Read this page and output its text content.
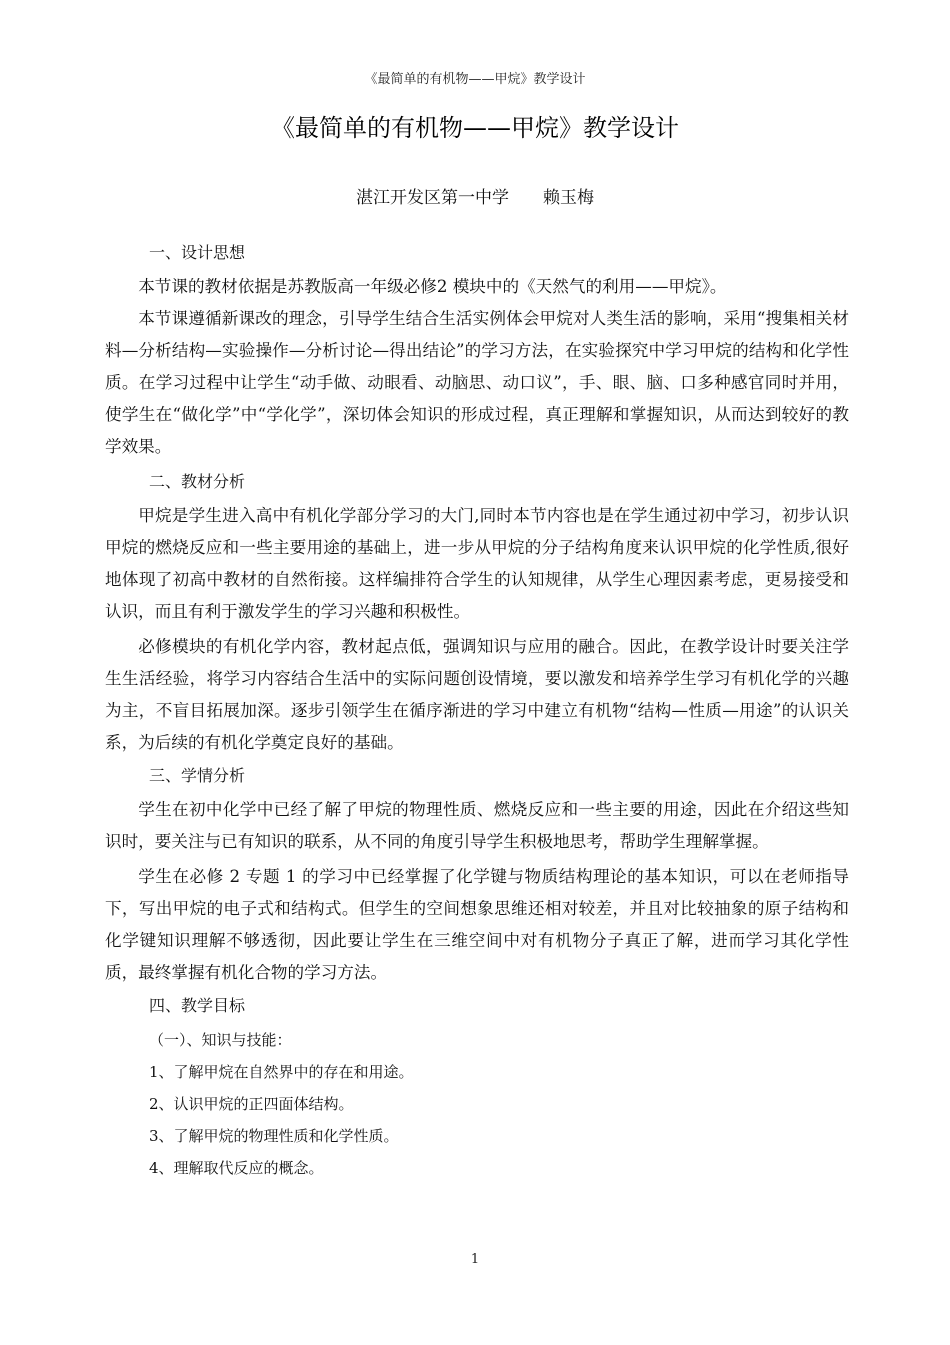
《最简单的有机物——甲烷》教学设计
《最简单的有机物——甲烷》教学设计
湛江开发区第一中学　　赖玉梅
一、设计思想

本节课的教材依据是苏教版高一年级必修2 模块中的《天然气的利用——甲烷》。

本节课遵循新课改的理念，引导学生结合生活实例体会甲烷对人类生活的影响，采用“搜集相关材料—分析结构—实验操作—分析讨论—得出结论”的学习方法，在实验探究中学习甲烷的结构和化学性质。在学习过程中让学生“动手做、动眼看、动脑思、动口议”，手、眼、脑、口多种感官同时并用，使学生在“做化学”中“学化学”，深切体会知识的形成过程，真正理解和掌握知识，从而达到较好的教学效果。

二、教材分析

甲烷是学生进入高中有机化学部分学习的大门,同时本节内容也是在学生通过初中学习，初步认识甲烷的燃烧反应和一些主要用途的基础上，进一步从甲烷的分子结构角度来认识甲烷的化学性质,很好地体现了初高中教材的自然衔接。这样编排符合学生的认知规律，从学生心理因素考虑，更易接受和认识，而且有利于激发学生的学习兴趣和积极性。

必修模块的有机化学内容，教材起点低，强调知识与应用的融合。因此，在教学设计时要关注学生生活经验，将学习内容结合生活中的实际问题创设情境，要以激发和培养学生学习有机化学的兴趣为主，不盲目拓展加深。逐步引领学生在循序渐进的学习中建立有机物“结构—性质—用途”的认识关系，为后续的有机化学奠定良好的基础。

三、学情分析

学生在初中化学中已经了解了甲烷的物理性质、燃烧反应和一些主要的用途，因此在介绍这些知识时，要关注与已有知识的联系，从不同的角度引导学生积极地思考，帮助学生理解掌握。

学生在必修 2 专题 1 的学习中已经掌握了化学键与物质结构理论的基本知识，可以在老师指导下，写出甲烷的电子式和结构式。但学生的空间想象思维还相对较差，并且对比较抽象的原子结构和化学键知识理解不够透彻，因此要让学生在三维空间中对有机物分子真正了解，进而学习其化学性质，最终掌握有机化合物的学习方法。

四、教学目标
（一）、知识与技能：
1、了解甲烷在自然界中的存在和用途。
2、认识甲烷的正四面体结构。
3、了解甲烷的物理性质和化学性质。
4、理解取代反应的概念。
1
